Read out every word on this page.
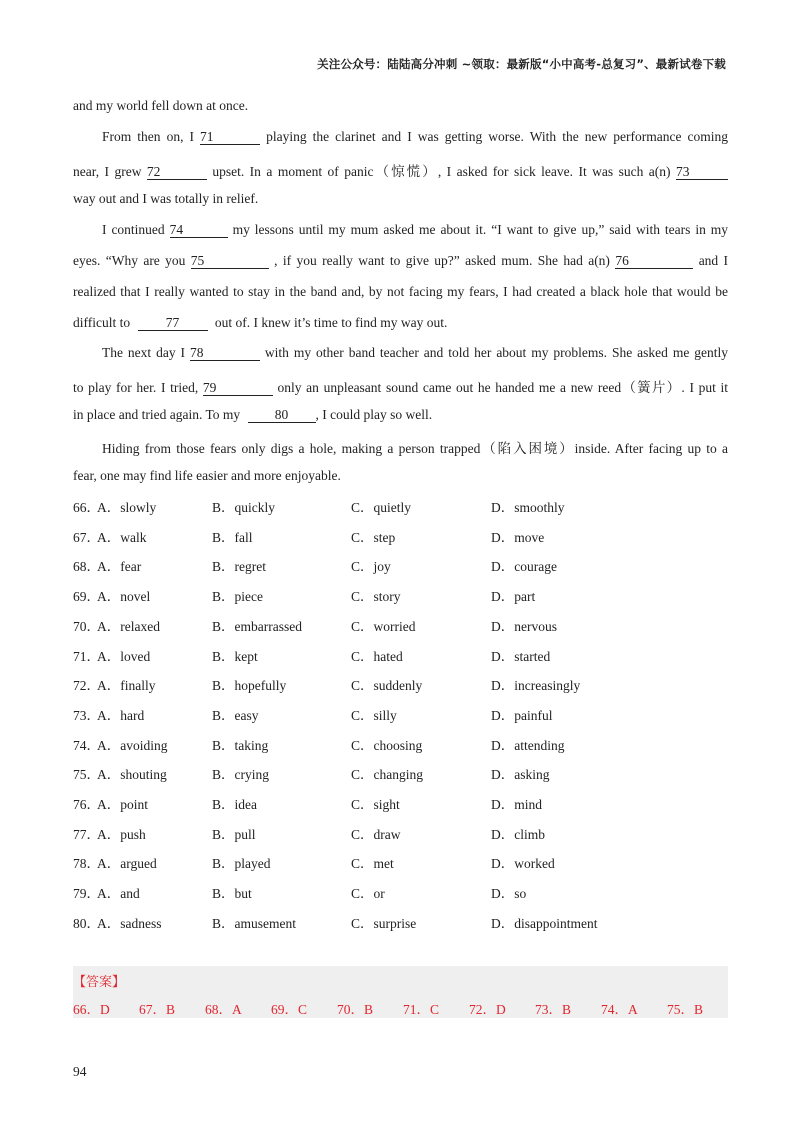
关注公众号：陆陆高分冲刺 ~领取：最新版“小中高考-总复习”、最新试卷下载
and my world fell down at once.
From then on, I 71	playing the clarinet and I was getting worse. With the new performance coming
near, I grew 72	upset. In a moment of panic（惊慌）, I asked for sick leave. It was such a(n) 73
way out and I was totally in relief.
I continued 74	my lessons until my mum asked me about it. “I want to give up,” said with tears in my
eyes. “Why are you 75	, if you really want to give up?” asked mum. She had a(n) 76	and I
realized that I really wanted to stay in the band and, by not facing my fears, I had created a black hole that would be
difficult to	77	out of. I knew it’s time to find my way out.
The next day I 78	with my other band teacher and told her about my problems. She asked me gently
to play for her. I tried, 79	only an unpleasant sound came out he handed me a new reed（簧片）. I put it
in place and tried again. To my	80 , I could play so well.
Hiding from those fears only digs a hole, making a person trapped（陷入困境）inside. After facing up to a
fear, one may find life easier and more enjoyable.
66．
A．slowly	B．quickly	C．quietly	D．smoothly
67．
A．walk	B．fall	C．step	D．move
68．
A．fear	B．regret	C．joy	D．courage
69．
A．novel	B．piece	C．story	D．part
70．
A．relaxed	B．embarrassed	C．worried	D．nervous
71．
A．loved	B．kept	C．hated	D．started
72．
A．finally	B．hopefully	C．suddenly	D．increasingly
73．
A．hard	B．easy	C．silly	D．painful
74．
A．avoiding	B．taking	C．choosing	D．attending
75．
A．shouting	B．crying	C．changing	D．asking
76．
A．point	B．idea	C．sight	D．mind
77．
A．push	B．pull	C．draw	D．climb
78．
A．argued	B．played	C．met	D．worked
79．
A．and	B．but	C．or	D．so
80．
A．sadness	B．amusement	C．surprise	D．disappointment
【答案】
66．D 67．B 68．A 69．C 70．B 71．C 72．D 73．B 74．A 75．B
94
